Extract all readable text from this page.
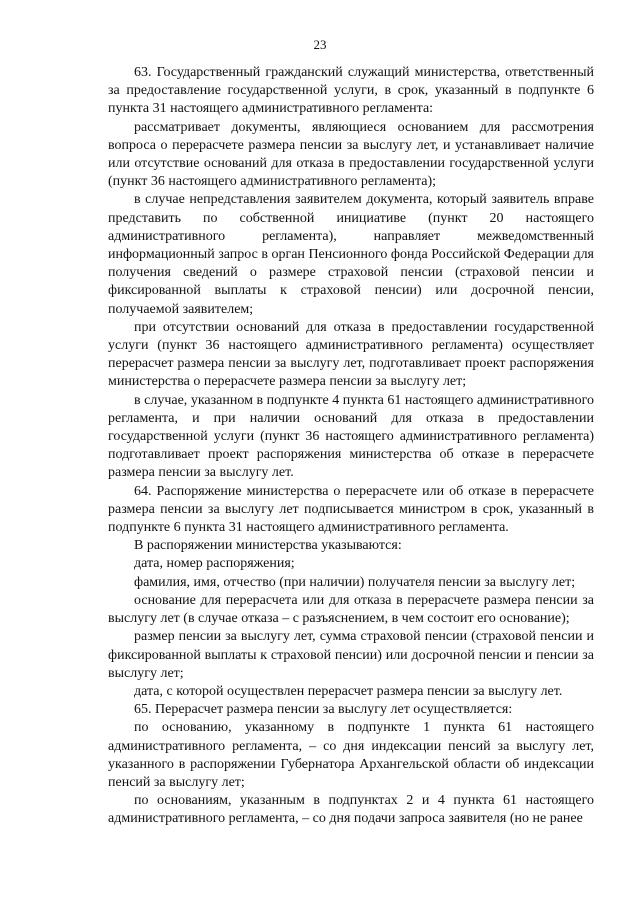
23

63. Государственный гражданский служащий министерства, ответственный за предоставление государственной услуги, в срок, указанный в подпункте 6 пункта 31 настоящего административного регламента:

рассматривает документы, являющиеся основанием для рассмотрения вопроса о перерасчете размера пенсии за выслугу лет, и устанавливает наличие или отсутствие оснований для отказа в предоставлении государственной услуги (пункт 36 настоящего административного регламента);

в случае непредставления заявителем документа, который заявитель вправе представить по собственной инициативе (пункт 20 настоящего административного регламента), направляет межведомственный информационный запрос в орган Пенсионного фонда Российской Федерации для получения сведений о размере страховой пенсии (страховой пенсии и фиксированной выплаты к страховой пенсии) или досрочной пенсии, получаемой заявителем;

при отсутствии оснований для отказа в предоставлении государственной услуги (пункт 36 настоящего административного регламента) осуществляет перерасчет размера пенсии за выслугу лет, подготавливает проект распоряжения министерства о перерасчете размера пенсии за выслугу лет;

в случае, указанном в подпункте 4 пункта 61 настоящего административного регламента, и при наличии оснований для отказа в предоставлении государственной услуги (пункт 36 настоящего административного регламента) подготавливает проект распоряжения министерства об отказе в перерасчете размера пенсии за выслугу лет.

64. Распоряжение министерства о перерасчете или об отказе в перерасчете размера пенсии за выслугу лет подписывается министром в срок, указанный в подпункте 6 пункта 31 настоящего административного регламента.

В распоряжении министерства указываются:

дата, номер распоряжения;

фамилия, имя, отчество (при наличии) получателя пенсии за выслугу лет;

основание для перерасчета или для отказа в перерасчете размера пенсии за выслугу лет (в случае отказа – с разъяснением, в чем состоит его основание);

размер пенсии за выслугу лет, сумма страховой пенсии (страховой пенсии и фиксированной выплаты к страховой пенсии) или досрочной пенсии и пенсии за выслугу лет;

дата, с которой осуществлен перерасчет размера пенсии за выслугу лет.

65. Перерасчет размера пенсии за выслугу лет осуществляется:

по основанию, указанному в подпункте 1 пункта 61 настоящего административного регламента, – со дня индексации пенсий за выслугу лет, указанного в распоряжении Губернатора Архангельской области об индексации пенсий за выслугу лет;

по основаниям, указанным в подпунктах 2 и 4 пункта 61 настоящего административного регламента, – со дня подачи запроса заявителя (но не ранее
